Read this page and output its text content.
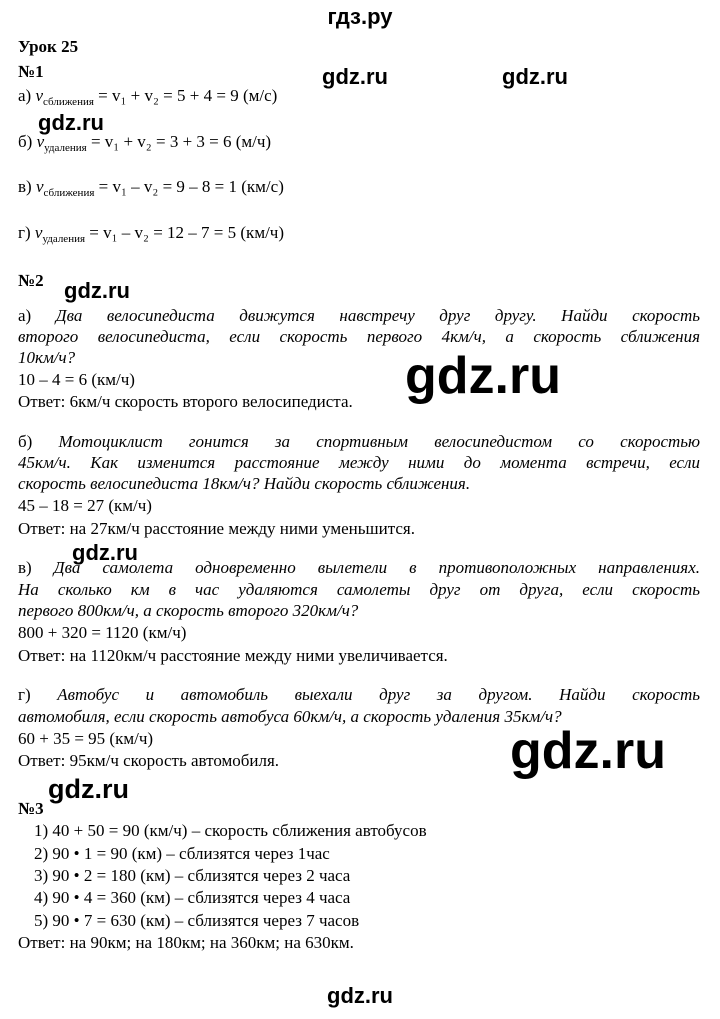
гдз.ру
gdz.ru	gdz.ru
gdz.ru
gdz.ru
gdz.ru
gdz.ru
gdz.ru
gdz.ru
Урок 25
№1
а) $v_{сближения} = v_1 + v_2 = 5 + 4 = 9$ (м/с)
б) $v_{удаления} = v_1 + v_2 = 3 + 3 = 6$ (м/ч)
в) $v_{сближения} = v_1 - v_2 = 9 - 8 = 1$ (км/с)
г) $v_{удаления} = v_1 - v_2 = 12 - 7 = 5$ (км/ч)
№2
а) Два велосипедиста движутся навстречу друг другу. Найди скорость
второго велосипедиста, если скорость первого 4км/ч, а скорость сближения
10км/ч?
10 – 4 = 6 (км/ч)
Ответ: 6км/ч скорость второго велосипедиста.
б) Мотоциклист гонится за спортивным велосипедистом со скоростью
45км/ч. Как изменится расстояние между ними до момента встречи, если
скорость велосипедиста 18км/ч? Найди скорость сближения.
45 – 18 = 27 (км/ч)
Ответ: на 27км/ч расстояние между ними уменьшится.
в) Два самолета одновременно вылетели в противоположных направлениях.
На сколько км в час удаляются самолеты друг от друга, если скорость
первого 800км/ч, а скорость второго 320км/ч?
800 + 320 = 1120 (км/ч)
Ответ: на 1120км/ч расстояние между ними увеличивается.
г) Автобус и автомобиль выехали друг за другом. Найди скорость
автомобиля, если скорость автобуса 60км/ч, а скорость удаления 35км/ч?
60 + 35 = 95 (км/ч)
Ответ: 95км/ч скорость автомобиля.
№3
1) 40 + 50 = 90 (км/ч) – скорость сближения автобусов
2) 90 • 1 = 90 (км) – сблизятся через 1час
3) 90 • 2 = 180 (км) – сблизятся через 2 часа
4) 90 • 4 = 360 (км) – сблизятся через 4 часа
5) 90 • 7 = 630 (км) – сблизятся через 7 часов
Ответ: на 90км; на 180км; на 360км; на 630км.
gdz.ru
